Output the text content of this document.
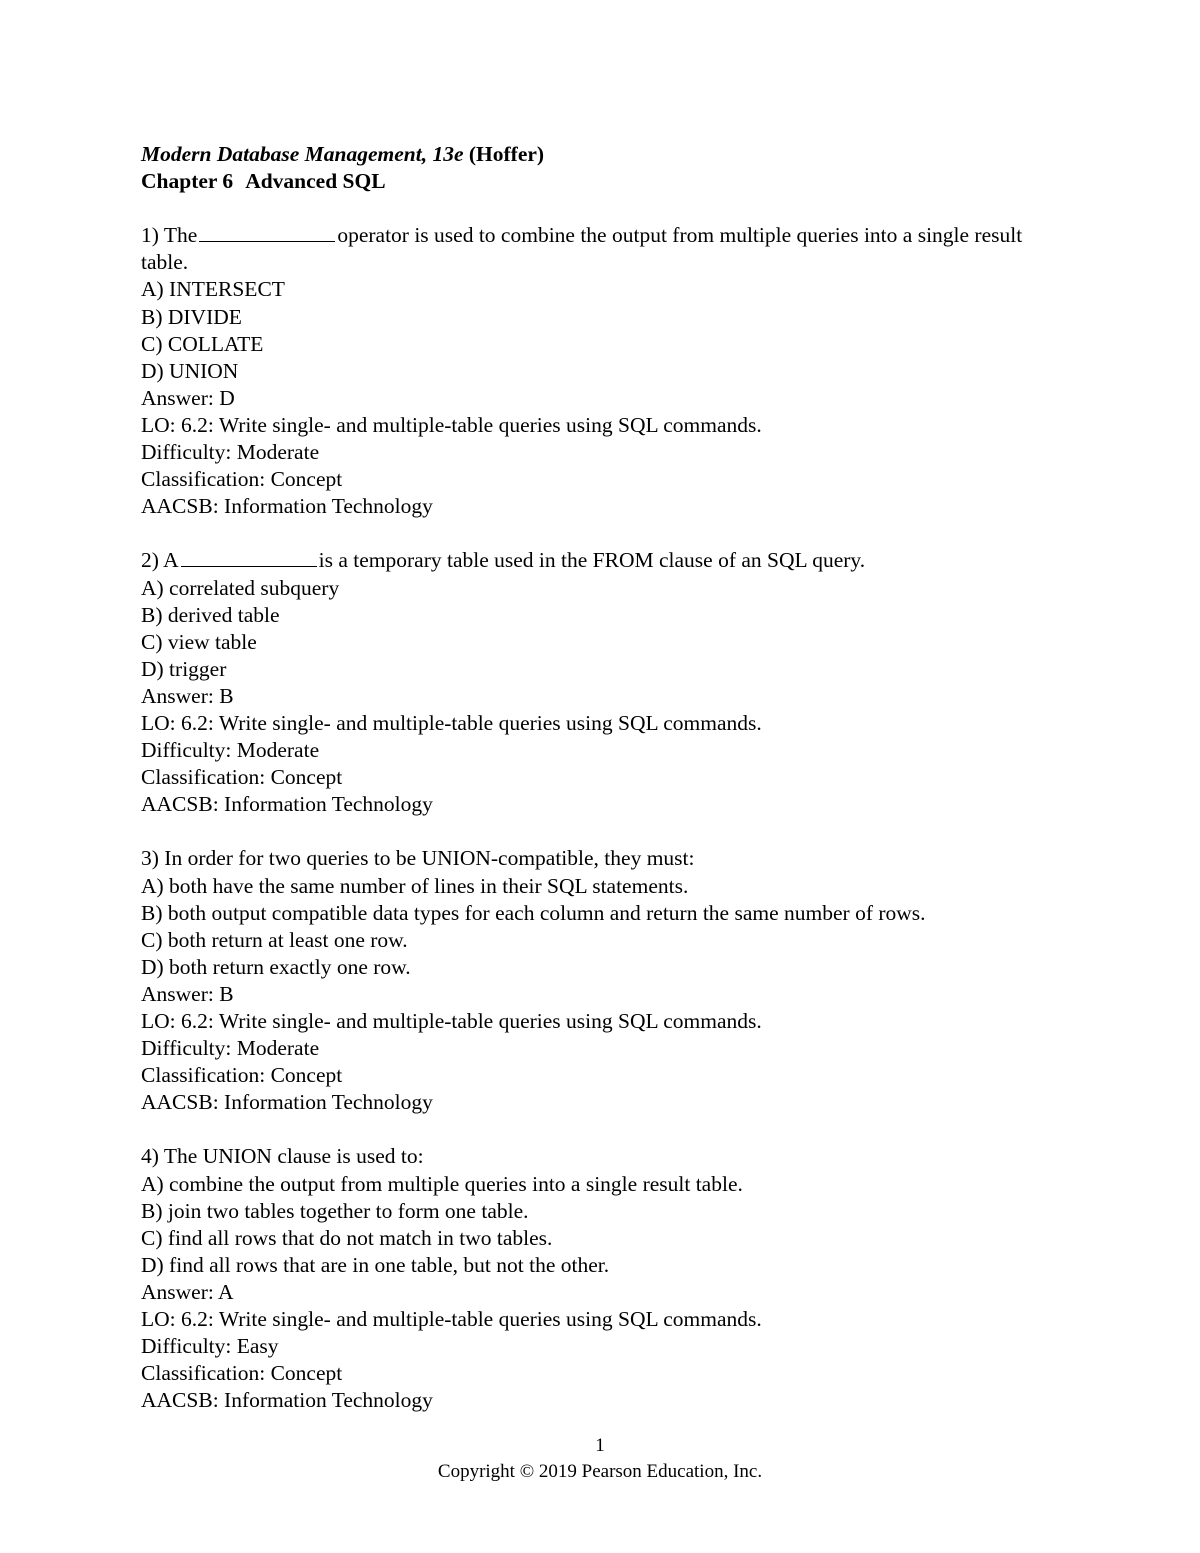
Modern Database Management, 13e (Hoffer)
Chapter 6 Advanced SQL
1) The	operator is used to combine the output from multiple queries into a single result table.
A) INTERSECT
B) DIVIDE
C) COLLATE
D) UNION
Answer: D
LO: 6.2: Write single- and multiple-table queries using SQL commands.
Difficulty: Moderate
Classification: Concept
AACSB: Information Technology
2) A	is a temporary table used in the FROM clause of an SQL query.
A) correlated subquery
B) derived table
C) view table
D) trigger
Answer: B
LO: 6.2: Write single- and multiple-table queries using SQL commands.
Difficulty: Moderate
Classification: Concept
AACSB: Information Technology
3) In order for two queries to be UNION-compatible, they must:
A) both have the same number of lines in their SQL statements.
B) both output compatible data types for each column and return the same number of rows.
C) both return at least one row.
D) both return exactly one row.
Answer: B
LO: 6.2: Write single- and multiple-table queries using SQL commands.
Difficulty: Moderate
Classification: Concept
AACSB: Information Technology
4) The UNION clause is used to:
A) combine the output from multiple queries into a single result table.
B) join two tables together to form one table.
C) find all rows that do not match in two tables.
D) find all rows that are in one table, but not the other.
Answer: A
LO: 6.2: Write single- and multiple-table queries using SQL commands.
Difficulty: Easy
Classification: Concept
AACSB: Information Technology
1
Copyright © 2019 Pearson Education, Inc.
